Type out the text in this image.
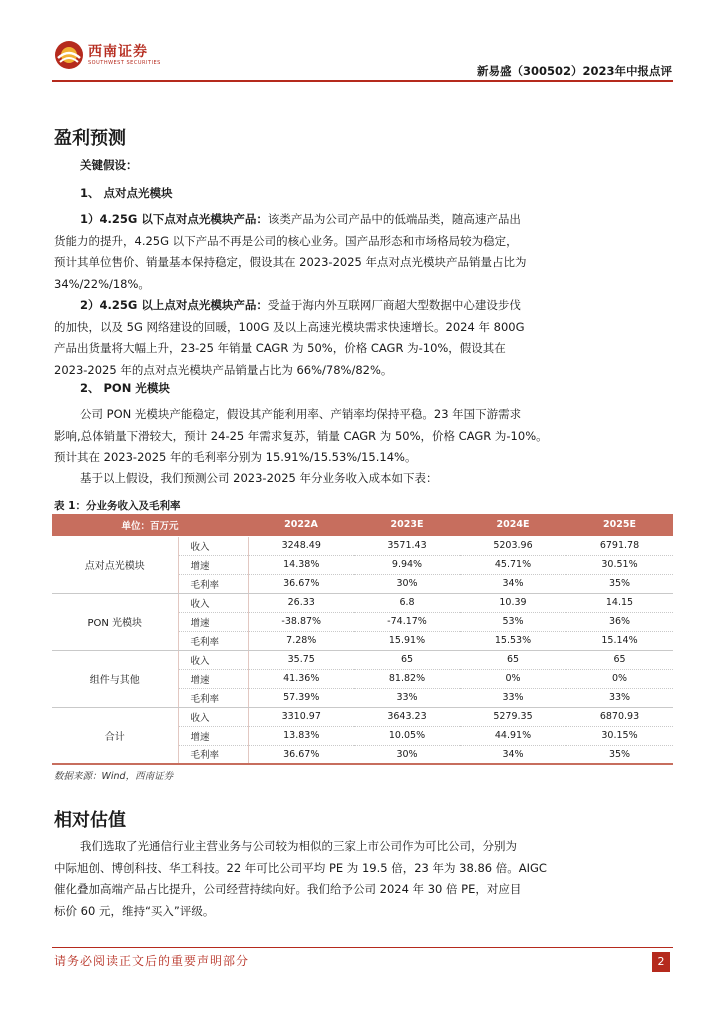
西南证券
SOUTHWEST SECURITIES
新易盛（300502）2023年中报点评
盈利预测
关键假设：
1、 点对点光模块
1）4.25G 以下点对点光模块产品：该类产品为公司产品中的低端品类，随高速产品出
货能力的提升，4.25G 以下产品不再是公司的核心业务。国产品形态和市场格局较为稳定，
预计其单位售价、销量基本保持稳定，假设其在 2023-2025 年点对点光模块产品销量占比为
34%/22%/18%。
2）4.25G 以上点对点光模块产品：受益于海内外互联网厂商超大型数据中心建设步伐
的加快，以及 5G 网络建设的回暖，100G 及以上高速光模块需求快速增长。2024 年 800G
产品出货量将大幅上升，23-25 年销量 CAGR 为 50%，价格 CAGR 为-10%，假设其在
2023-2025 年的点对点光模块产品销量占比为 66%/78%/82%。
2、 PON 光模块
公司 PON 光模块产能稳定，假设其产能利用率、产销率均保持平稳。23 年国下游需求
影响,总体销量下滑较大，预计 24-25 年需求复苏，销量 CAGR 为 50%，价格 CAGR 为-10%。
预计其在 2023-2025 年的毛利率分别为 15.91%/15.53%/15.14%。
基于以上假设，我们预测公司 2023-2025 年分业务收入成本如下表：
表 1：分业务收入及毛利率
单位：百万元		2022A	2023E	2024E	2025E
点对点光模块	收入	3248.49	3571.43	5203.96	6791.78
	增速	14.38%	9.94%	45.71%	30.51%
	毛利率	36.67%	30%	34%	35%
PON 光模块	收入	26.33	6.8	10.39	14.15
	增速	-38.87%	-74.17%	53%	36%
	毛利率	7.28%	15.91%	15.53%	15.14%
组件与其他	收入	35.75	65	65	65
	增速	41.36%	81.82%	0%	0%
	毛利率	57.39%	33%	33%	33%
合计	收入	3310.97	3643.23	5279.35	6870.93
	增速	13.83%	10.05%	44.91%	30.15%
	毛利率	36.67%	30%	34%	35%
数据来源：Wind，西南证券
相对估值
我们选取了光通信行业主营业务与公司较为相似的三家上市公司作为可比公司，分别为
中际旭创、博创科技、华工科技。22 年可比公司平均 PE 为 19.5 倍，23 年为 38.86 倍。AIGC
催化叠加高端产品占比提升，公司经营持续向好。我们给予公司 2024 年 30 倍 PE，对应目
标价 60 元，维持“买入”评级。
请务必阅读正文后的重要声明部分	2
